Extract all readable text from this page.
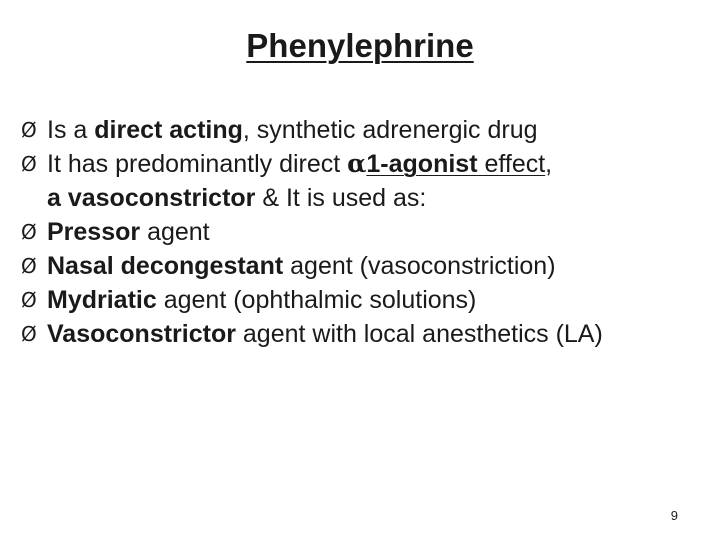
Phenylephrine
Ø Is a direct acting, synthetic adrenergic drug
Ø It has predominantly direct α1-agonist effect,
a vasoconstrictor & It is used as:
Ø Pressor agent
Ø Nasal decongestant agent (vasoconstriction)
Ø Mydriatic agent (ophthalmic solutions)
Ø Vasoconstrictor agent with local anesthetics (LA)
9
